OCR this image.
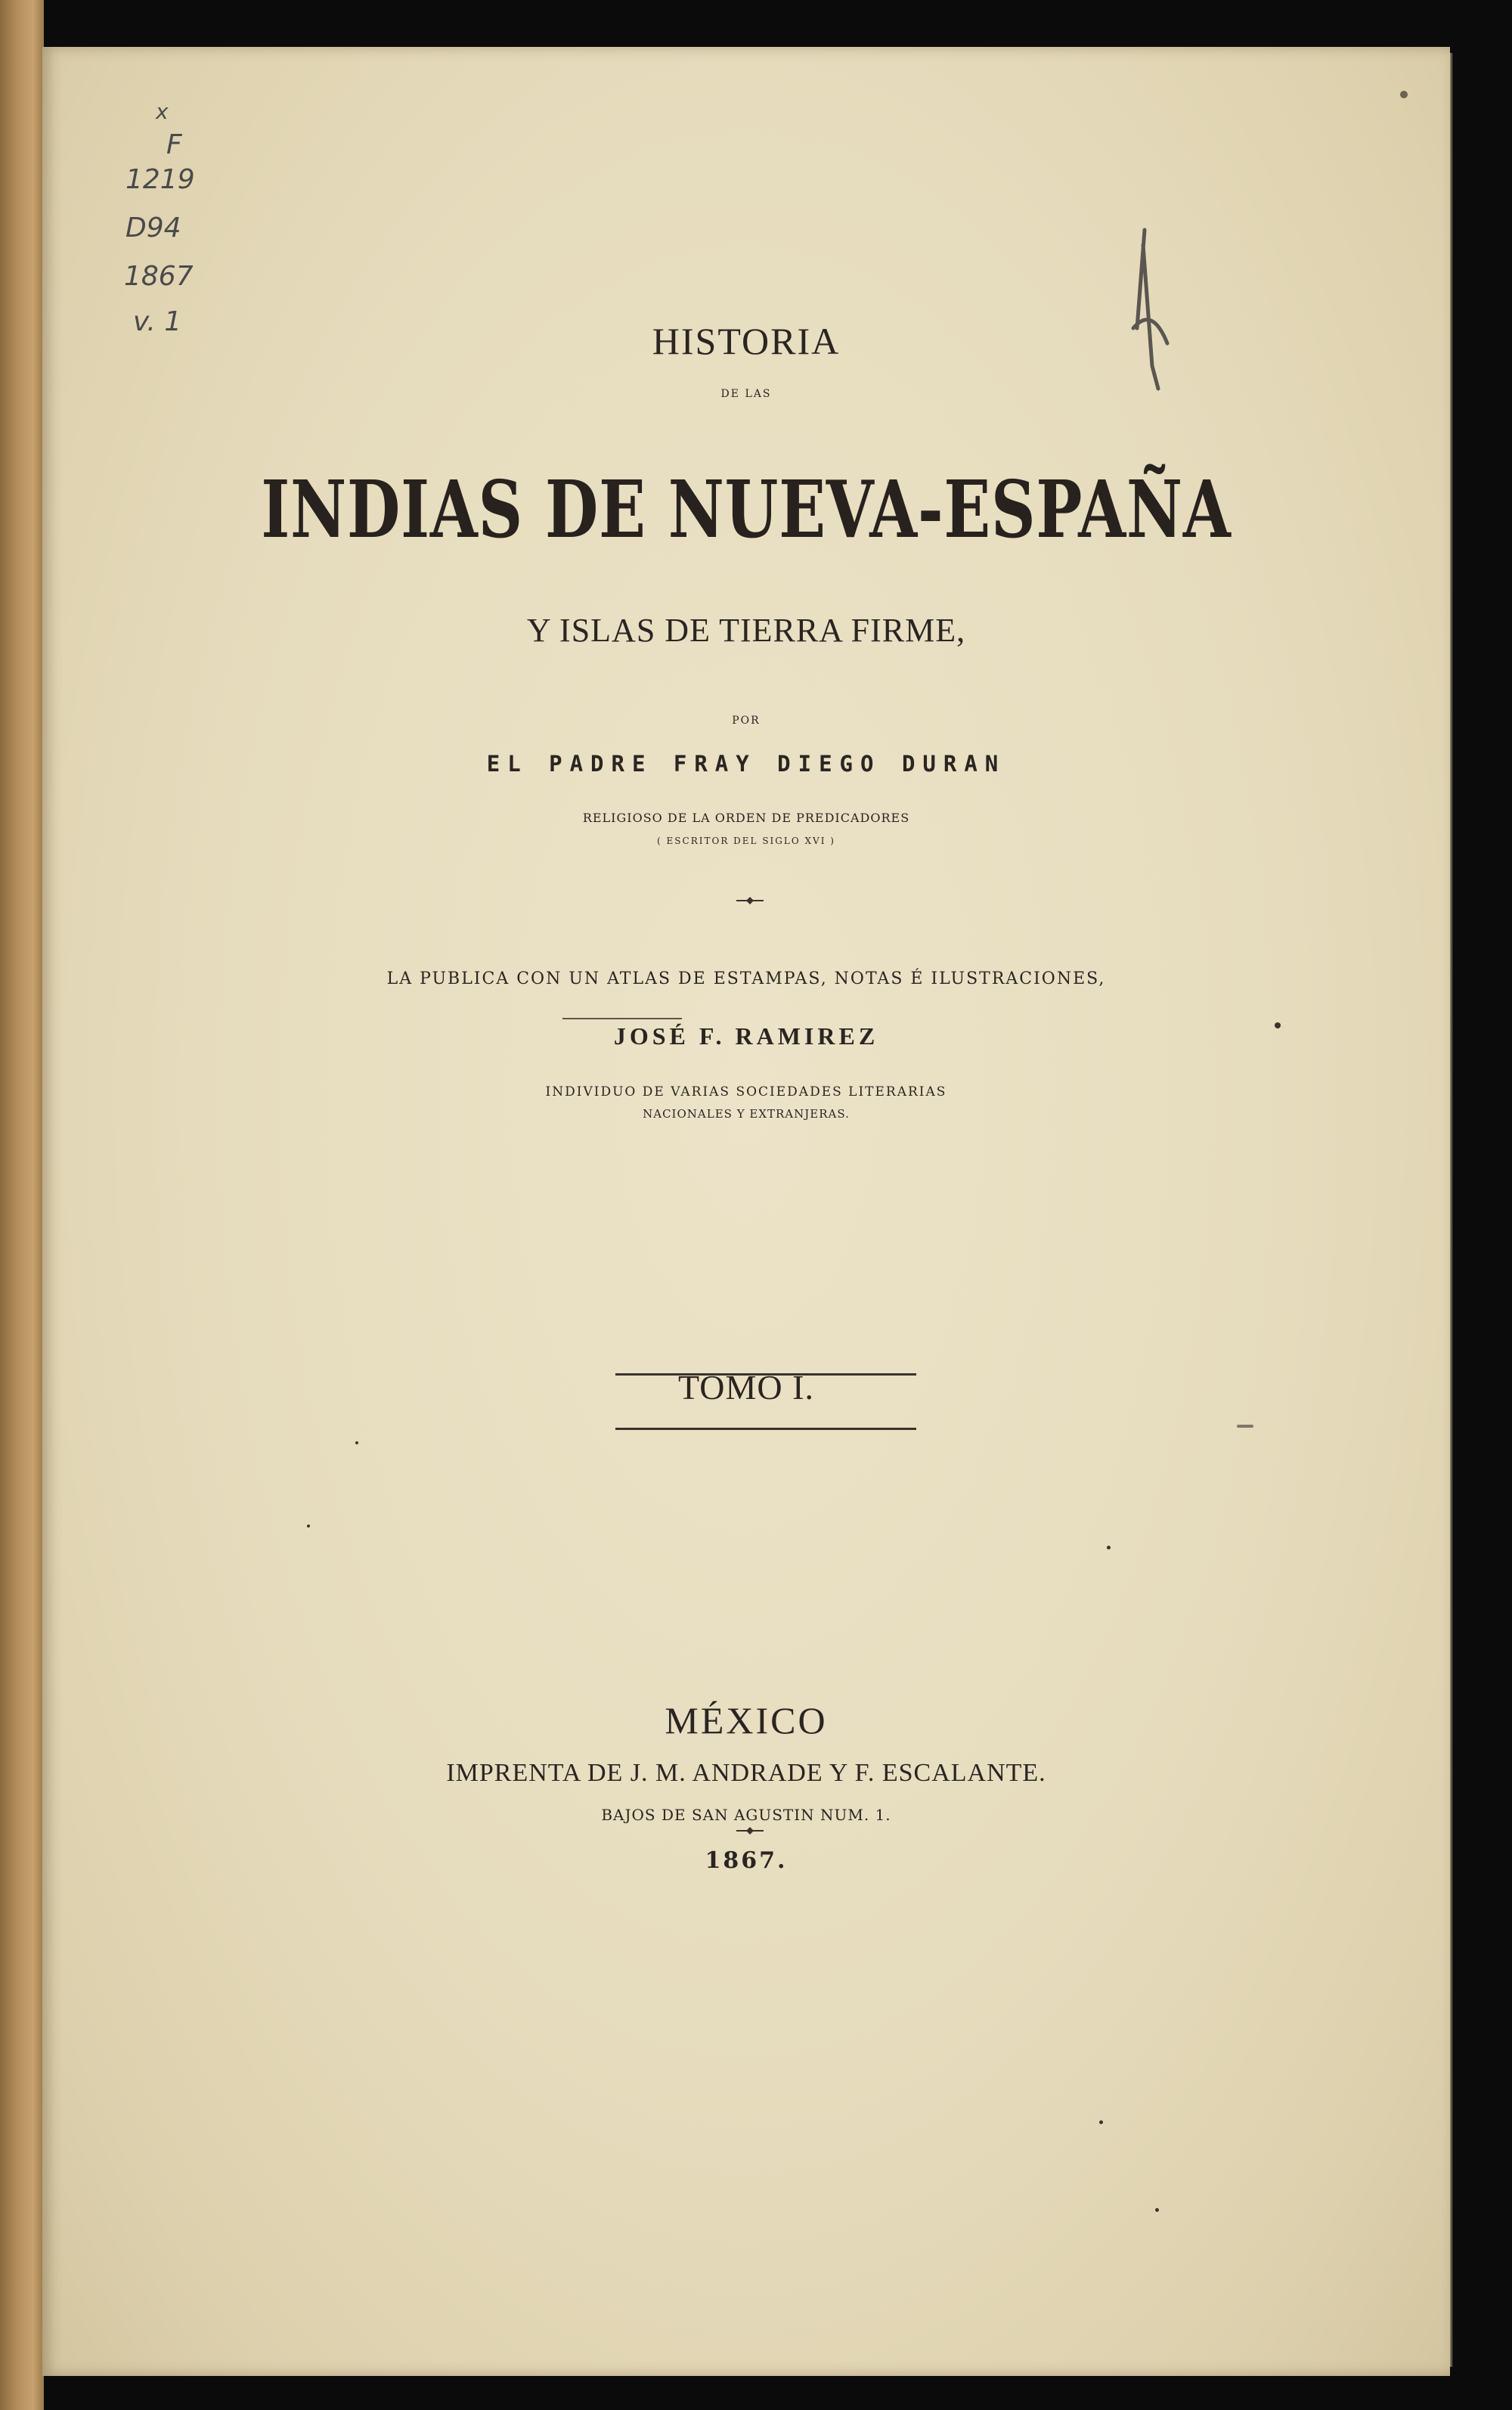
x
F
1219
D94
1867
v. 1	HISTORIA
DE LAS
INDIAS DE NUEVA-ESPAÑA
Y ISLAS DE TIERRA FIRME,
POR
EL PADRE FRAY DIEGO DURAN
RELIGIOSO DE LA ORDEN DE PREDICADORES
( ESCRITOR DEL SIGLO XVI )
LA PUBLICA CON UN ATLAS DE ESTAMPAS, NOTAS É ILUSTRACIONES,
JOSÉ F. RAMIREZ
INDIVIDUO DE VARIAS SOCIEDADES LITERARIAS
NACIONALES Y EXTRANJERAS.
TOMO I.
MÉXICO
IMPRENTA DE J. M. ANDRADE Y F. ESCALANTE.
BAJOS DE SAN AGUSTIN NUM. 1.
1867.
